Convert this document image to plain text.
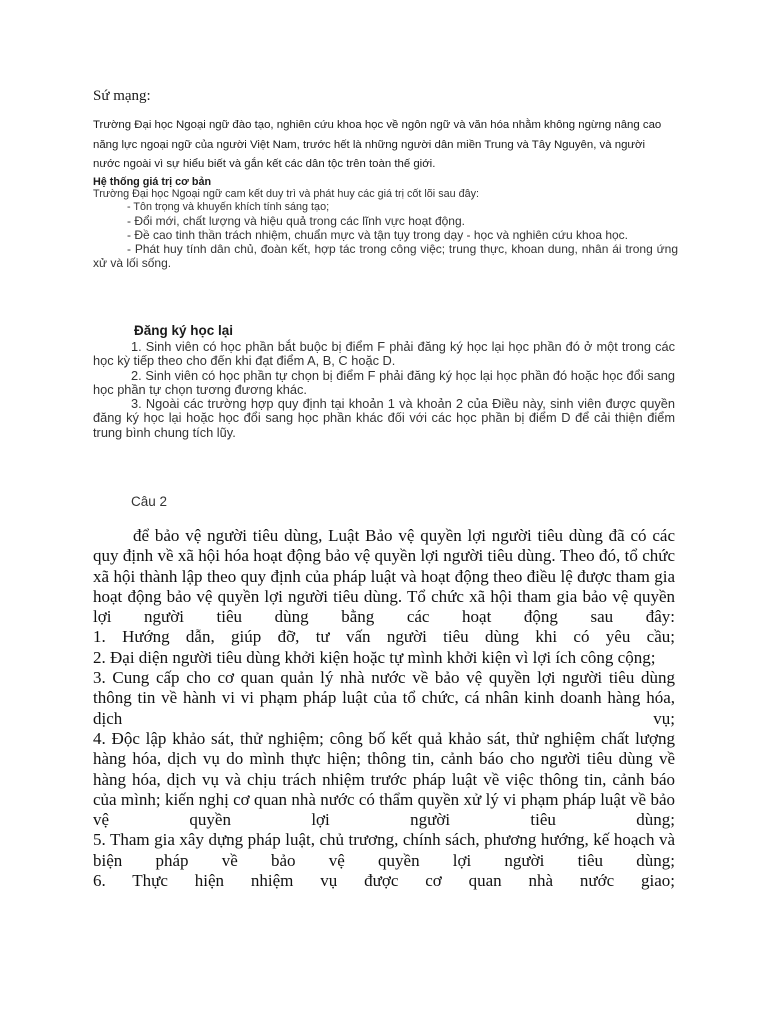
Sứ mạng:

Trường Đại học Ngoại ngữ đào tạo, nghiên cứu khoa học về ngôn ngữ và văn hóa nhằm không ngừng nâng cao năng lực ngoại ngữ của người Việt Nam, trước hết là những người dân miền Trung và Tây Nguyên, và người nước ngoài vì sự hiểu biết và gắn kết các dân tộc trên toàn thế giới.

Hệ thống giá trị cơ bản
Trường Đại học Ngoại ngữ cam kết duy trì và phát huy các giá trị cốt lõi sau đây:

- Tôn trọng và khuyến khích tính sáng tạo;

- Đổi mới, chất lượng và hiệu quả trong các lĩnh vực hoạt động.

- Đề cao tinh thần trách nhiệm, chuẩn mực và tận tụy trong dạy - học và nghiên cứu khoa học.

- Phát huy tính dân chủ, đoàn kết, hợp tác trong công việc; trung thực, khoan dung, nhân ái trong ứng xử và lối sống.

Đăng ký học lại

1. Sinh viên có học phần bắt buộc bị điểm F phải đăng ký học lại học phần đó ở một trong các học kỳ tiếp theo cho đến khi đạt điểm A, B, C hoặc D.

2. Sinh viên có học phần tự chọn bị điểm F phải đăng ký học lại học phần đó hoặc học đổi sang học phần tự chọn tương đương khác.

3. Ngoài các trường hợp quy định tại khoản 1 và khoản 2 của Điều này, sinh viên được quyền đăng ký học lại hoặc học đổi sang học phần khác đối với các học phần bị điểm D để cải thiện điểm trung bình chung tích lũy.

Câu 2

để bảo vệ người tiêu dùng, Luật Bảo vệ quyền lợi người tiêu dùng đã có các quy định về xã hội hóa hoạt động bảo vệ quyền lợi người tiêu dùng. Theo đó, tổ chức xã hội thành lập theo quy định của pháp luật và hoạt động theo điều lệ được tham gia hoạt động bảo vệ quyền lợi người tiêu dùng. Tổ chức xã hội tham gia bảo vệ quyền lợi người tiêu dùng bằng các hoạt động sau đây:

1. Hướng dẫn, giúp đỡ, tư vấn người tiêu dùng khi có yêu cầu;

2. Đại diện người tiêu dùng khởi kiện hoặc tự mình khởi kiện vì lợi ích công cộng;

3. Cung cấp cho cơ quan quản lý nhà nước về bảo vệ quyền lợi người tiêu dùng thông tin về hành vi vi phạm pháp luật của tổ chức, cá nhân kinh doanh hàng hóa, dịch vụ;

4. Độc lập khảo sát, thử nghiệm; công bố kết quả khảo sát, thử nghiệm chất lượng hàng hóa, dịch vụ do mình thực hiện; thông tin, cảnh báo cho người tiêu dùng về hàng hóa, dịch vụ và chịu trách nhiệm trước pháp luật về việc thông tin, cảnh báo của mình; kiến nghị cơ quan nhà nước có thẩm quyền xử lý vi phạm pháp luật về bảo vệ quyền lợi người tiêu dùng;

5. Tham gia xây dựng pháp luật, chủ trương, chính sách, phương hướng, kế hoạch và biện pháp về bảo vệ quyền lợi người tiêu dùng;

6. Thực hiện nhiệm vụ được cơ quan nhà nước giao;
